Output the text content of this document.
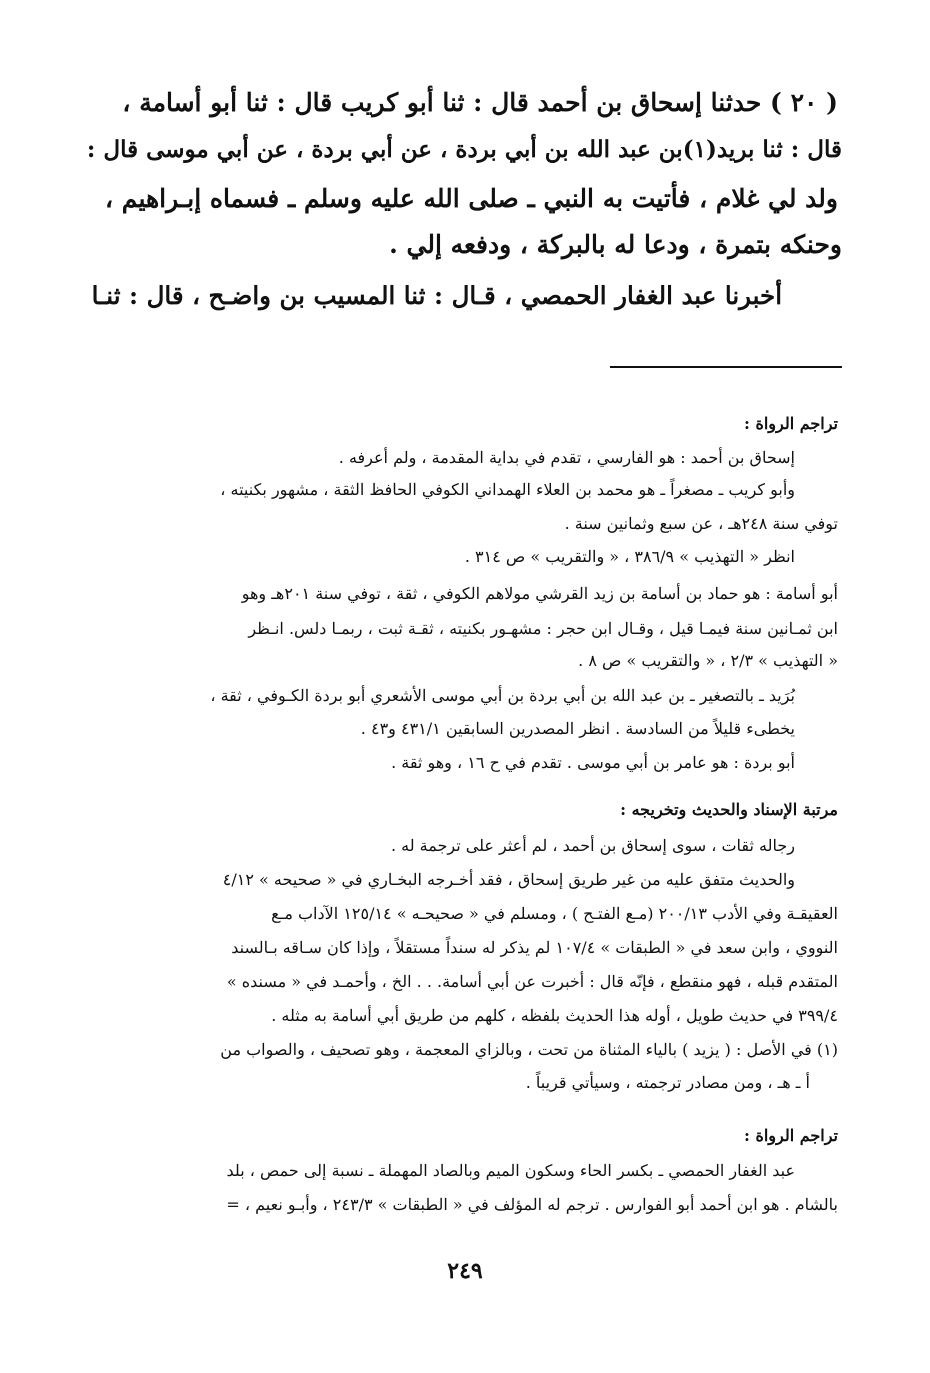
( ٢٠ ) حدثنا إسحاق بن أحمد قال : ثنا أبو كريب قال : ثنا أبو أسامة ،
قال : ثنا بريد(١)بن عبد الله بن أبي بردة ، عن أبي بردة ، عن أبي موسى قال :
ولد لي غلام ، فأتيت به النبي ـ صلى الله عليه وسلم ـ فسماه إبـراهيم ،
وحنكه بتمرة ، ودعا له بالبركة ، ودفعه إلي .
أخبرنا عبد الغفار الحمصي ، قـال : ثنا المسيب بن واضـح ، قال : ثنـا
تراجم الرواة :
إسحاق بن أحمد : هو الفارسي ، تقدم في بداية المقدمة ، ولم أعرفه .
وأبو كريب ـ مصغراً ـ هو محمد بن العلاء الهمداني الكوفي الحافظ الثقة ، مشهور بكنيته ،
توفي سنة ٢٤٨هـ ، عن سبع وثمانين سنة .
انظر « التهذيب » ٣٨٦/٩ ، « والتقريب » ص ٣١٤ .
أبو أسامة : هو حماد بن أسامة بن زيد القرشي مولاهم الكوفي ، ثقة ، توفي سنة ٢٠١هـ وهو
ابن ثمـانين سنة فيمـا قيل ، وقـال ابن حجر : مشهـور بكنيته ، ثقـة ثبت ، ربمـا دلس. انـظر
« التهذيب » ٢/٣ ، « والتقريب » ص ٨ .
بُرَيد ـ بالتصغير ـ بن عبد الله بن أبي بردة بن أبي موسى الأشعري أبو بردة الكـوفي ، ثقة ،
يخطىء قليلاً من السادسة . انظر المصدرين السابقين ٤٣١/١ و٤٣ .
أبو بردة : هو عامر بن أبي موسى . تقدم في ح ١٦ ، وهو ثقة .
مرتبة الإسناد والحديث وتخريجه :
رجاله ثقات ، سوى إسحاق بن أحمد ، لم أعثر على ترجمة له .
والحديث متفق عليه من غير طريق إسحاق ، فقد أخـرجه البخـاري في « صحيحه » ٤/١٢
العقيقـة وفي الأدب ٢٠٠/١٣ (مـع الفتـح ) ، ومسلم في « صحيحـه » ١٢٥/١٤ الآداب مـع
النووي ، وابن سعد في « الطبقات » ١٠٧/٤ لم يذكر له سنداً مستقلاً ، وإذا كان سـاقه بـالسند
المتقدم قبله ، فهو منقطع ، فإنّه قال : أخبرت عن أبي أسامة. . . الخ ، وأحمـد في « مسنده »
٣٩٩/٤ في حديث طويل ، أوله هذا الحديث بلفظه ، كلهم من طريق أبي أسامة به مثله .
(١) في الأصل : ( يزيد ) بالياء المثناة من تحت ، وبالزاي المعجمة ، وهو تصحيف ، والصواب من
أ ـ هـ ، ومن مصادر ترجمته ، وسيأتي قريباً .
تراجم الرواة :
عبد الغفار الحمصي ـ بكسر الحاء وسكون الميم وبالصاد المهملة ـ نسبة إلى حمص ، بلد
بالشام . هو ابن أحمد أبو الفوارس . ترجم له المؤلف في « الطبقات » ٢٤٣/٣ ، وأبـو نعيم ، =
٢٤٩
